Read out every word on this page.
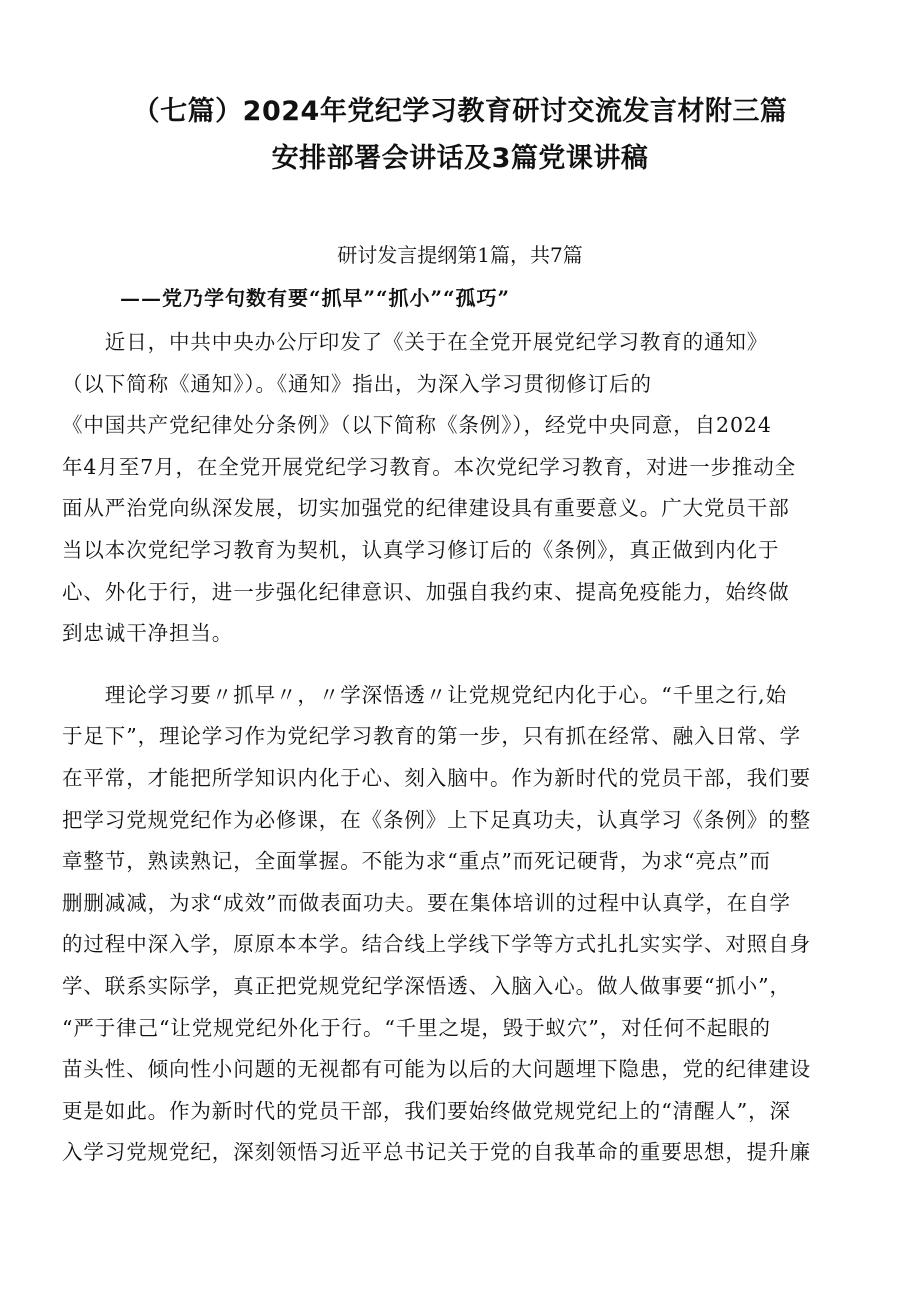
（七篇）2024年党纪学习教育研讨交流发言材附三篇
安排部署会讲话及3篇党课讲稿
研讨发言提纲第1篇，共7篇
——党乃学句数有要“抓早”“抓小”“孤巧”
　　近日，中共中央办公厅印发了《关于在全党开展党纪学习教育的通知》
（以下简称《通知》）。《通知》指出，为深入学习贯彻修订后的
《中国共产党纪律处分条例》（以下简称《条例》），经党中央同意，自2024
年4月至7月，在全党开展党纪学习教育。本次党纪学习教育，对进一步推动全
面从严治党向纵深发展，切实加强党的纪律建设具有重要意义。广大党员干部
当以本次党纪学习教育为契机，认真学习修订后的《条例》，真正做到内化于
心、外化于行，进一步强化纪律意识、加强自我约束、提高免疫能力，始终做
到忠诚干净担当。
　　理论学习要〃抓早〃，〃学深悟透〃让党规党纪内化于心。“千里之行,始
于足下”，理论学习作为党纪学习教育的第一步，只有抓在经常、融入日常、学
在平常，才能把所学知识内化于心、刻入脑中。作为新时代的党员干部，我们要
把学习党规党纪作为必修课，在《条例》上下足真功夫，认真学习《条例》的整
章整节，熟读熟记，全面掌握。不能为求“重点”而死记硬背，为求“亮点”而
删删减减，为求“成效”而做表面功夫。要在集体培训的过程中认真学，在自学
的过程中深入学，原原本本学。结合线上学线下学等方式扎扎实实学、对照自身
学、联系实际学，真正把党规党纪学深悟透、入脑入心。做人做事要“抓小”，
“严于律己“让党规党纪外化于行。“千里之堤，毁于蚁穴”，对任何不起眼的
苗头性、倾向性小问题的无视都有可能为以后的大问题埋下隐患，党的纪律建设
更是如此。作为新时代的党员干部，我们要始终做党规党纪上的“清醒人”，深
入学习党规党纪，深刻领悟习近平总书记关于党的自我革命的重要思想，提升廉
